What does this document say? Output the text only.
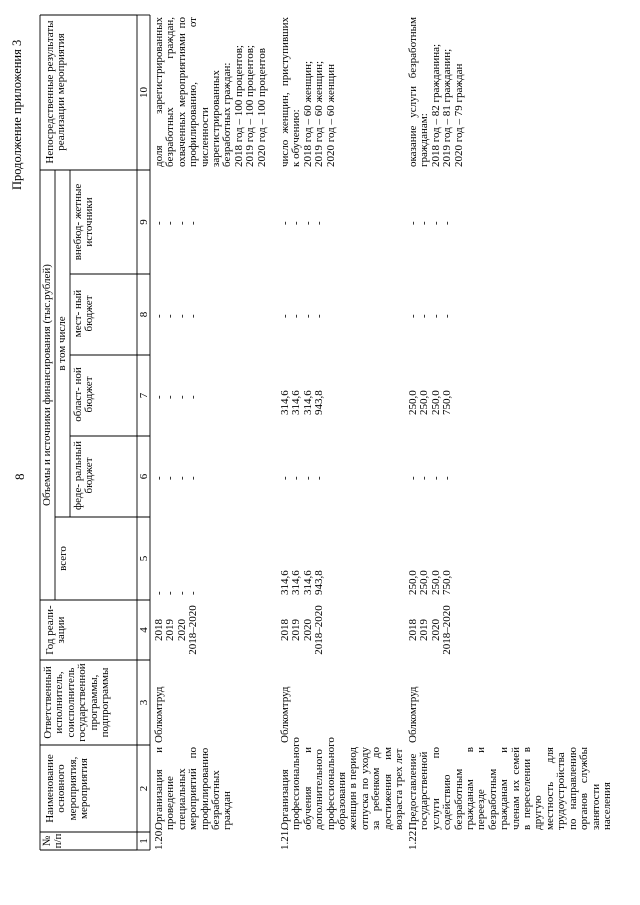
8
Продолжение приложения 3
№
п/п
Наименование основного мероприятия, мероприятия
Ответственный исполнитель, соисполнитель государственной программы, подпрограммы
Год реали- зации
Объемы и источники финансирования (тыс.рублей)
всего
в том числе
феде- ральный бюджет
област- ной бюджет
мест- ный бюджет
внебюд- жетные источники
Непосредственные результаты реализации мероприятия
1
2
3
4
5
6
7
8
9
10
1.20.
Организация и проведение специальных мероприятий по профилированию безработных граждан
Облкомтруд
2018
2019
2020
2018–2020
-
-
-
-
-
-
-
-
-
-
-
-
-
-
-
-
-
-
-
-
доля зарегистрированных безработных граждан, охваченных мероприятиями по профилированию, от численности зарегистрированных безработных граждан:
2018 год – 100 процентов;
2019 год – 100 процентов;
2020 год – 100 процентов
1.21.
Организация профессионального обучения и дополнительного профессионального образования женщин в период отпуска по уходу за ребенком до достижения им возраста трех лет
Облкомтруд
2018
2019
2020
2018–2020
314,6
314,6
314,6
943,8
-
-
-
-
314,6
314,6
314,6
943,8
-
-
-
-
-
-
-
-
число женщин, приступивших к обучению:
2018 год – 60 женщин;
2019 год – 60 женщин;
2020 год – 60 женщин
1.22.
Предоставление государственной услуги по содействию безработным гражданам в переезде и безработным гражданам и членам их семей в переселении в другую местность для трудоустройства по направлению органов службы занятости населения
Облкомтруд
2018
2019
2020
2018–2020
250,0
250,0
250,0
750,0
-
-
-
-
250,0
250,0
250,0
750,0
-
-
-
-
-
-
-
-
оказание услуги безработным гражданам:
2018 год – 82 гражданина;
2019 год – 81 гражданин;
2020 год – 79 граждан
